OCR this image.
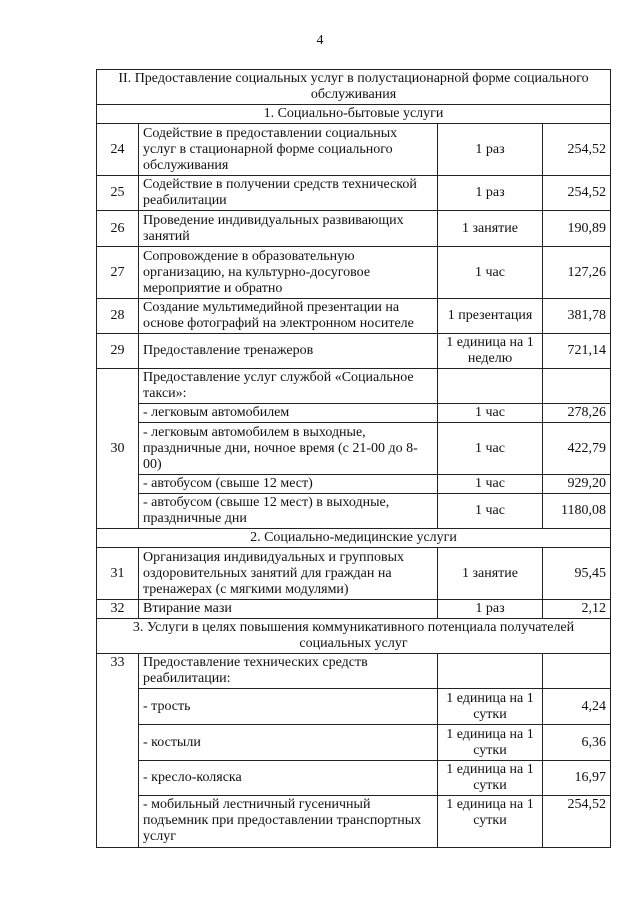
4
II. Предоставление социальных услуг в полустационарной форме социального обслуживания			
1. Социально-бытовые услуги			
24	Содействие в предоставлении социальных услуг в стационарной форме социального обслуживания	1 раз	254,52
25	Содействие в получении средств технической реабилитации	1 раз	254,52
26	Проведение индивидуальных развивающих занятий	1 занятие	190,89
27	Сопровождение в образовательную организацию, на культурно-досуговое мероприятие и обратно	1 час	127,26
28	Создание мультимедийной презентации на основе фотографий на электронном носителе	1 презентация	381,78
29	Предоставление тренажеров	1 единица на 1 неделю	721,14
30	Предоставление услуг службой «Социальное такси»:		
	- легковым автомобилем	1 час	278,26
	- легковым автомобилем в выходные, праздничные дни, ночное время (с 21-00 до 8-00)	1 час	422,79
	- автобусом (свыше 12 мест)	1 час	929,20
	- автобусом (свыше 12 мест) в выходные, праздничные дни	1 час	1180,08
2. Социально-медицинские услуги			
31	Организация индивидуальных и групповых оздоровительных занятий для граждан на тренажерах (с мягкими модулями)	1 занятие	95,45
32	Втирание мази	1 раз	2,12
3. Услуги в целях повышения коммуникативного потенциала получателей социальных услуг			
33	Предоставление технических средств реабилитации:		
	- трость	1 единица на 1 сутки	4,24
	- костыли	1 единица на 1 сутки	6,36
	- кресло-коляска	1 единица на 1 сутки	16,97
	- мобильный лестничный гусеничный подъемник при предоставлении транспортных услуг	1 единица на 1 сутки	254,52
